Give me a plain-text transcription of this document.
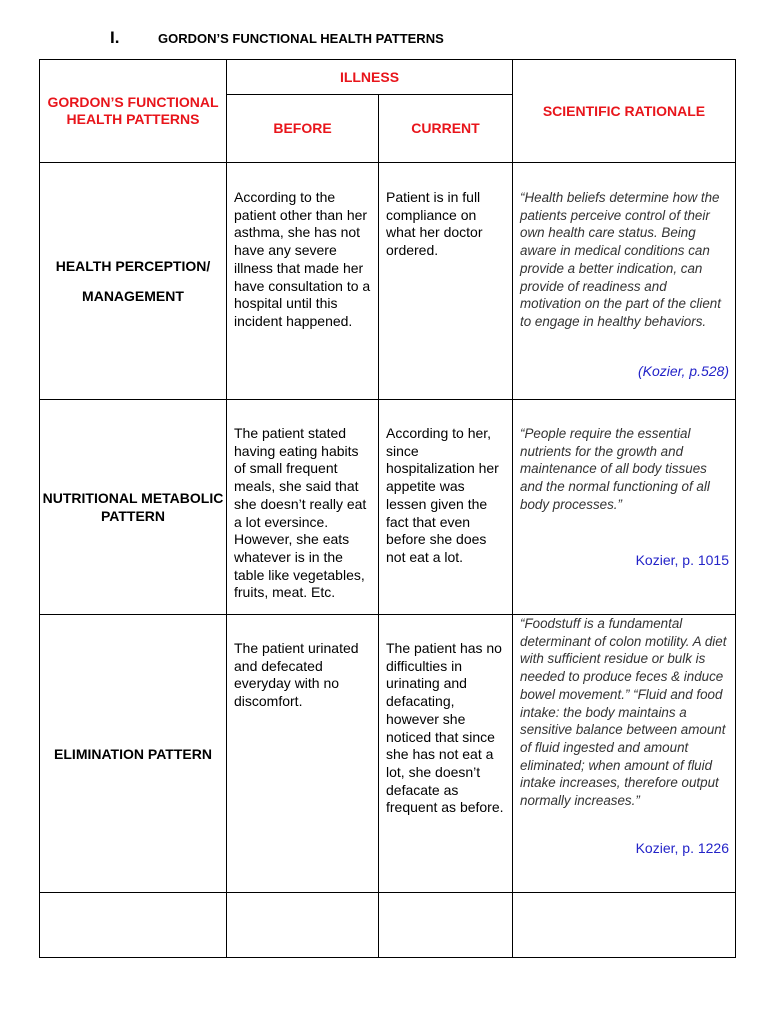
I.	GORDON’S FUNCTIONAL HEALTH PATTERNS
GORDON’S FUNCTIONAL HEALTH PATTERNS	ILLNESS		SCIENTIFIC RATIONALE
	BEFORE	CURRENT	
HEALTH PERCEPTION/ MANAGEMENT	According to the patient other than her asthma, she has not have any severe illness that made her have consultation to a hospital until this incident happened.	Patient is in full compliance on what her doctor ordered.	“Health beliefs determine how the patients perceive control of their own health care status. Being aware in medical conditions can provide a better indication, can provide of readiness and motivation on the part of the client to engage in healthy behaviors.
(Kozier, p.528)

NUTRITIONAL METABOLIC PATTERN	The patient stated having eating habits of small frequent meals, she said that she doesn’t really eat a lot eversince. However, she eats whatever is in the table like vegetables, fruits, meat. Etc.	According to her, since hospitalization her appetite was lessen given the fact that even before she does not eat a lot.	“People require the essential nutrients for the growth and maintenance of all body tissues and the normal functioning of all body processes.”
Kozier, p. 1015

ELIMINATION PATTERN	The patient urinated and defecated everyday with no discomfort.	The patient has no difficulties in urinating and defacating, however she noticed that since she has not eat a lot, she doesn’t defacate as frequent as before.	“Foodstuff is a fundamental determinant of colon motility. A diet with sufficient residue or bulk is needed to produce feces & induce bowel movement.” “Fluid and food intake: the body maintains a sensitive balance between amount of fluid ingested and amount eliminated; when amount of fluid intake increases, therefore output normally increases.”
Kozier, p. 1226
